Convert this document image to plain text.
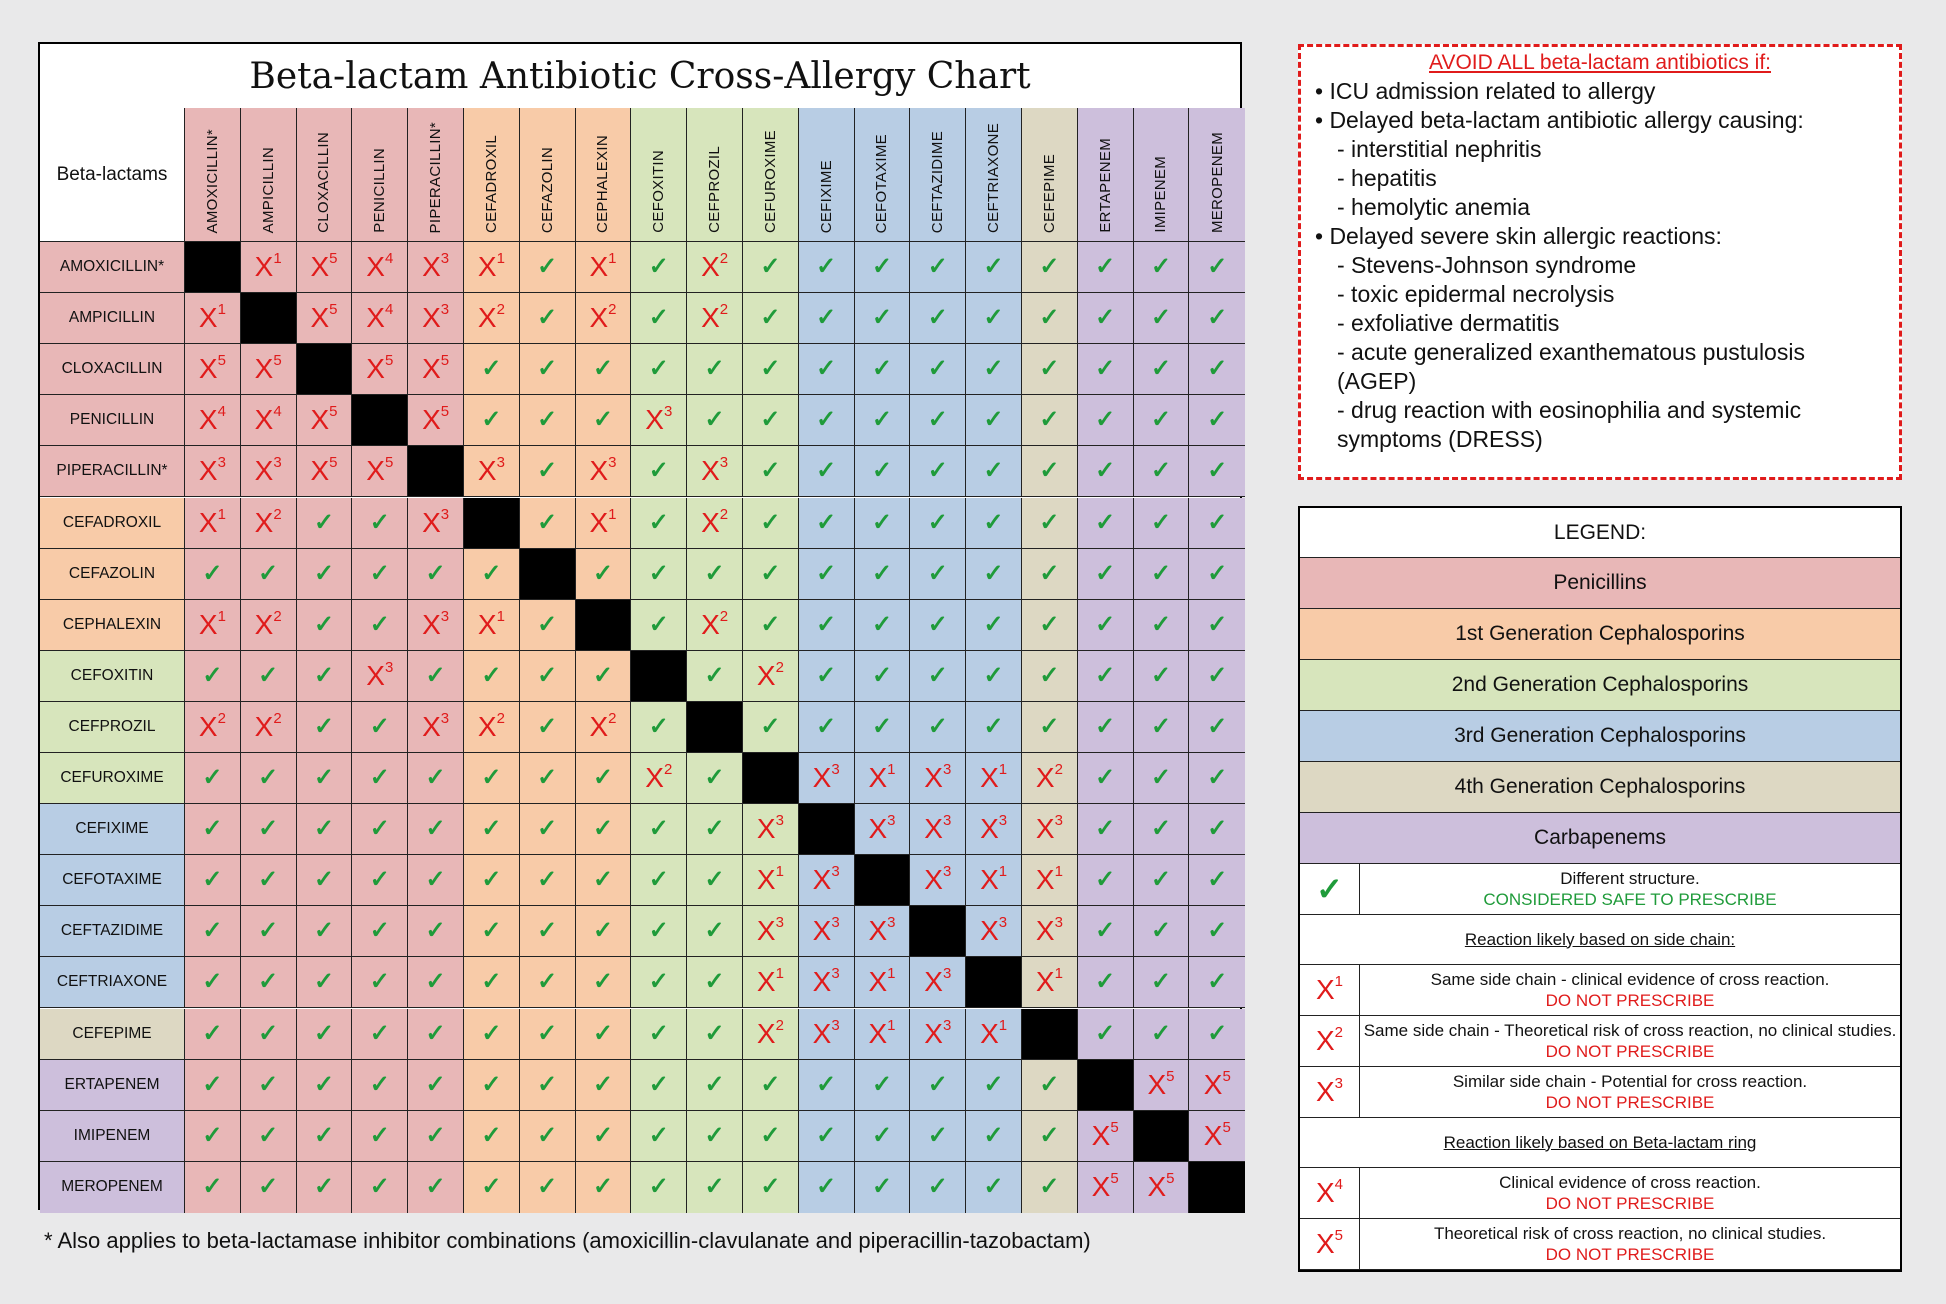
Beta-lactam Antibiotic Cross-Allergy Chart
Beta-lactams	AMOXICILLIN*	AMPICILLIN	CLOXACILLIN	PENICILLIN	PIPERACILLIN*	CEFADROXIL	CEFAZOLIN	CEPHALEXIN	CEFOXITIN	CEFPROZIL	CEFUROXIME	CEFIXIME	CEFOTAXIME	CEFTAZIDIME	CEFTRIAXONE	CEFEPIME	ERTAPENEM	IMIPENEM	MEROPENEM
AMOXICILLIN*	$X^1$ $X^5$ $X^4$ $X^3$ $X^1$ ✓ $X^1$ ✓ $X^2$ ✓ ✓ ✓ ✓ ✓ ✓ ✓ ✓ ✓
AMPICILLIN	$X^1$	$X^5$ $X^4$ $X^3$ $X^2$ ✓ $X^2$ ✓ $X^2$ ✓ ✓ ✓ ✓ ✓ ✓ ✓ ✓ ✓
CLOXACILLIN	$X^5$ $X^5$	$X^5$ $X^5$ ✓ ✓ ✓ ✓ ✓ ✓ ✓ ✓ ✓ ✓ ✓ ✓ ✓ ✓
PENICILLIN	$X^4$ $X^4$ $X^5$	$X^5$ ✓ ✓ ✓ $X^3$ ✓ ✓ ✓ ✓ ✓ ✓ ✓ ✓ ✓ ✓
PIPERACILLIN*	$X^3$ $X^3$ $X^5$ $X^5$	$X^3$ ✓ $X^3$ ✓ $X^3$ ✓ ✓ ✓ ✓ ✓ ✓ ✓ ✓ ✓
CEFADROXIL	$X^1$ $X^2$ ✓ ✓ $X^3$	✓ $X^1$ ✓ $X^2$ ✓ ✓ ✓ ✓ ✓ ✓ ✓ ✓ ✓
CEFAZOLIN	✓ ✓ ✓ ✓ ✓ ✓	✓ ✓ ✓ ✓ ✓ ✓ ✓ ✓ ✓ ✓ ✓ ✓
CEPHALEXIN	$X^1$ $X^2$ ✓ ✓ $X^3$ $X^1$ ✓	✓ $X^2$ ✓ ✓ ✓ ✓ ✓ ✓ ✓ ✓ ✓
CEFOXITIN	✓ ✓ ✓ $X^3$ ✓ ✓ ✓ ✓	✓ $X^2$ ✓ ✓ ✓ ✓ ✓ ✓ ✓ ✓
CEFPROZIL	$X^2$ $X^2$ ✓ ✓ $X^3$ $X^2$ ✓ $X^2$ ✓	✓ ✓ ✓ ✓ ✓ ✓ ✓ ✓ ✓
CEFUROXIME	✓ ✓ ✓ ✓ ✓ ✓ ✓ ✓ $X^2$ ✓	$X^3$ $X^1$ $X^3$ $X^1$ $X^2$ ✓ ✓ ✓
CEFIXIME	✓ ✓ ✓ ✓ ✓ ✓ ✓ ✓ ✓ ✓ $X^3$	$X^3$ $X^3$ $X^3$ $X^3$ ✓ ✓ ✓
CEFOTAXIME	✓ ✓ ✓ ✓ ✓ ✓ ✓ ✓ ✓ ✓ $X^1$ $X^3$	$X^3$ $X^1$ $X^1$ ✓ ✓ ✓
CEFTAZIDIME	✓ ✓ ✓ ✓ ✓ ✓ ✓ ✓ ✓ ✓ $X^3$ $X^3$ $X^3$	$X^3$ $X^3$ ✓ ✓ ✓
CEFTRIAXONE	✓ ✓ ✓ ✓ ✓ ✓ ✓ ✓ ✓ ✓ $X^1$ $X^3$ $X^1$ $X^3$	$X^1$ ✓ ✓ ✓
CEFEPIME	✓ ✓ ✓ ✓ ✓ ✓ ✓ ✓ ✓ ✓ $X^2$ $X^3$ $X^1$ $X^3$ $X^1$	✓ ✓ ✓
ERTAPENEM	✓ ✓ ✓ ✓ ✓ ✓ ✓ ✓ ✓ ✓ ✓ ✓ ✓ ✓ ✓ ✓	$X^5$ $X^5$
IMIPENEM	✓ ✓ ✓ ✓ ✓ ✓ ✓ ✓ ✓ ✓ ✓ ✓ ✓ ✓ ✓ ✓ $X^5$	$X^5$
MEROPENEM	✓ ✓ ✓ ✓ ✓ ✓ ✓ ✓ ✓ ✓ ✓ ✓ ✓ ✓ ✓ ✓ $X^5$ $X^5$
* Also applies to beta-lactamase inhibitor combinations (amoxicillin-clavulanate and piperacillin-tazobactam)
AVOID ALL beta-lactam antibiotics if:
• ICU admission related to allergy
• Delayed beta-lactam antibiotic allergy causing:
- interstitial nephritis
- hepatitis
- hemolytic anemia
• Delayed severe skin allergic reactions:
- Stevens-Johnson syndrome
- toxic epidermal necrolysis
- exfoliative dermatitis
- acute generalized exanthematous pustulosis (AGEP)
- drug reaction with eosinophilia and systemic symptoms (DRESS)
LEGEND:
Penicillins
1st Generation Cephalosporins
2nd Generation Cephalosporins
3rd Generation Cephalosporins
4th Generation Cephalosporins
Carbapenems
✓	Different structure.
CONSIDERED SAFE TO PRESCRIBE
Reaction likely based on side chain:
$X^1$	Same side chain - clinical evidence of cross reaction.
DO NOT PRESCRIBE
$X^2$ Same side chain - Theoretical risk of cross reaction, no clinical studies.
DO NOT PRESCRIBE
$X^3$	Similar side chain - Potential for cross reaction.
DO NOT PRESCRIBE
Reaction likely based on Beta-lactam ring
$X^4$	Clinical evidence of cross reaction.
DO NOT PRESCRIBE
$X^5$	Theoretical risk of cross reaction, no clinical studies.
DO NOT PRESCRIBE
